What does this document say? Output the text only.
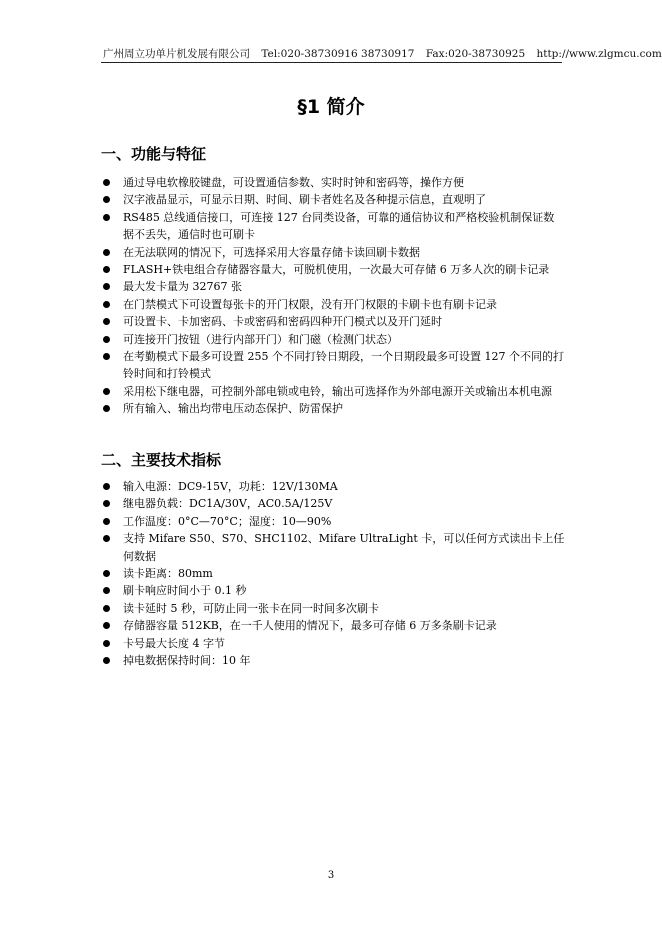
广州周立功单片机发展有限公司 Tel:020-38730916 38730917 Fax:020-38730925 http://www.zlgmcu.com
§1 简介
一、功能与特征
通过导电软橡胶键盘，可设置通信参数、实时时钟和密码等，操作方便
汉字液晶显示，可显示日期、时间、刷卡者姓名及各种提示信息，直观明了
RS485 总线通信接口，可连接 127 台同类设备，可靠的通信协议和严格校验机制保证数据不丢失，通信时也可刷卡
在无法联网的情况下，可选择采用大容量存储卡读回刷卡数据
FLASH+铁电组合存储器容量大，可脱机使用，一次最大可存储 6 万多人次的刷卡记录
最大发卡量为 32767 张
在门禁模式下可设置每张卡的开门权限，没有开门权限的卡刷卡也有刷卡记录
可设置卡、卡加密码、卡或密码和密码四种开门模式以及开门延时
可连接开门按钮（进行内部开门）和门磁（检测门状态）
在考勤模式下最多可设置 255 个不同打铃日期段，一个日期段最多可设置 127 个不同的打铃时间和打铃模式
采用松下继电器，可控制外部电锁或电铃，输出可选择作为外部电源开关或输出本机电源
所有输入、输出均带电压动态保护、防雷保护
二、主要技术指标
输入电源：DC9-15V，功耗：12V/130MA
继电器负载：DC1A/30V，AC0.5A/125V
工作温度：0°C—70°C；湿度：10—90%
支持 Mifare S50、S70、SHC1102、Mifare UltraLight 卡，可以任何方式读出卡上任何数据
读卡距离：80mm
刷卡响应时间小于 0.1 秒
读卡延时 5 秒，可防止同一张卡在同一时间多次刷卡
存储器容量 512KB，在一千人使用的情况下，最多可存储 6 万多条刷卡记录
卡号最大长度 4 字节
掉电数据保持时间：10 年
3
